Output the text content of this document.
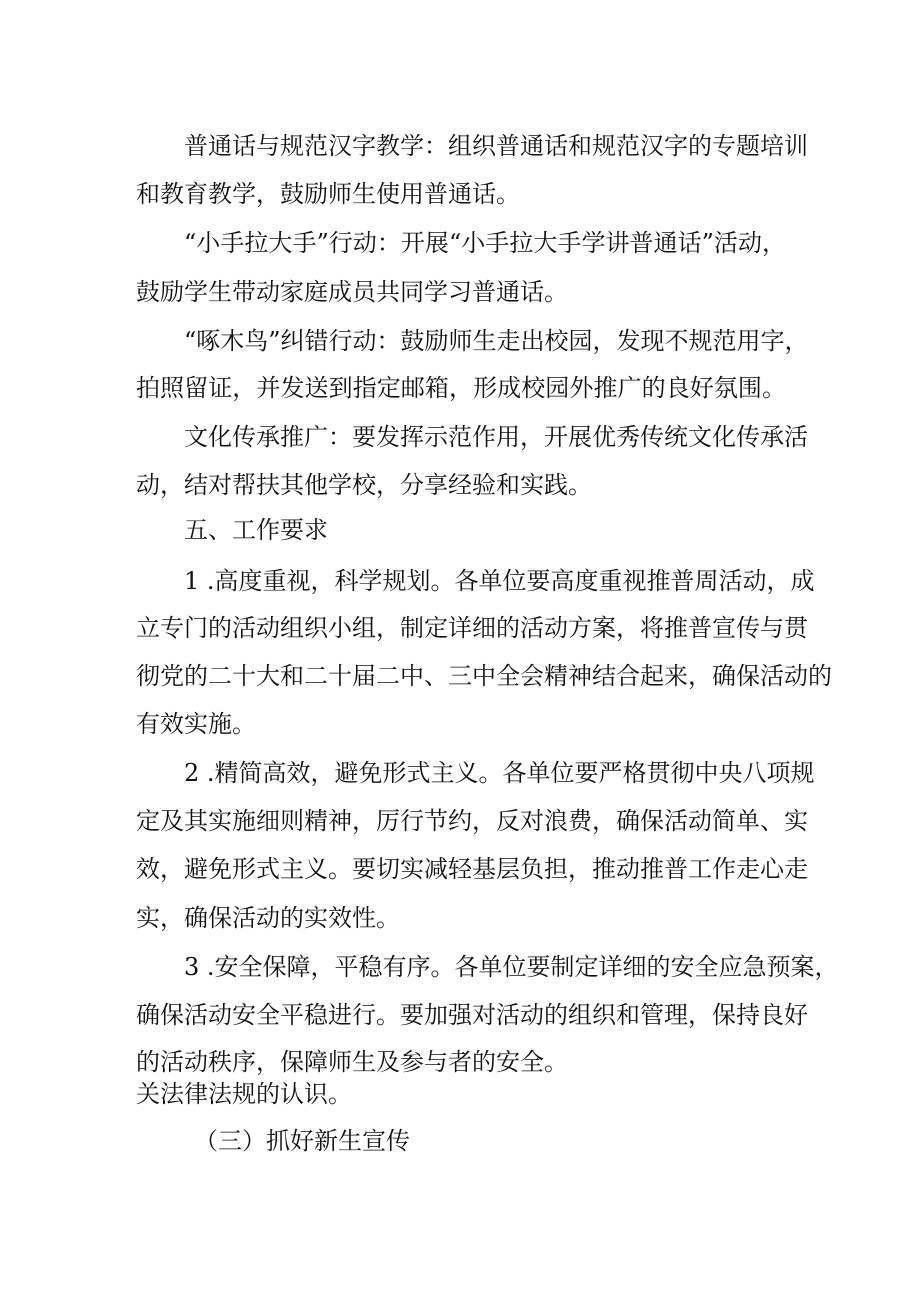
普通话与规范汉字教学：组织普通话和规范汉字的专题培训
和教育教学，鼓励师生使用普通话。
“小手拉大手”行动：开展“小手拉大手学讲普通话”活动，
鼓励学生带动家庭成员共同学习普通话。
“啄木鸟”纠错行动：鼓励师生走出校园，发现不规范用字，
拍照留证，并发送到指定邮箱，形成校园外推广的良好氛围。
文化传承推广：要发挥示范作用，开展优秀传统文化传承活
动，结对帮扶其他学校，分享经验和实践。
五、工作要求
1 .高度重视，科学规划。各单位要高度重视推普周活动，成
立专门的活动组织小组，制定详细的活动方案，将推普宣传与贯
彻党的二十大和二十届二中、三中全会精神结合起来，确保活动的
有效实施。
2 .精简高效，避免形式主义。各单位要严格贯彻中央八项规
定及其实施细则精神，厉行节约，反对浪费，确保活动简单、实
效，避免形式主义。要切实减轻基层负担，推动推普工作走心走
实，确保活动的实效性。
3 .安全保障，平稳有序。各单位要制定详细的安全应急预案，
确保活动安全平稳进行。要加强对活动的组织和管理，保持良好
的活动秩序，保障师生及参与者的安全。
关法律法规的认识。
（三）抓好新生宣传
